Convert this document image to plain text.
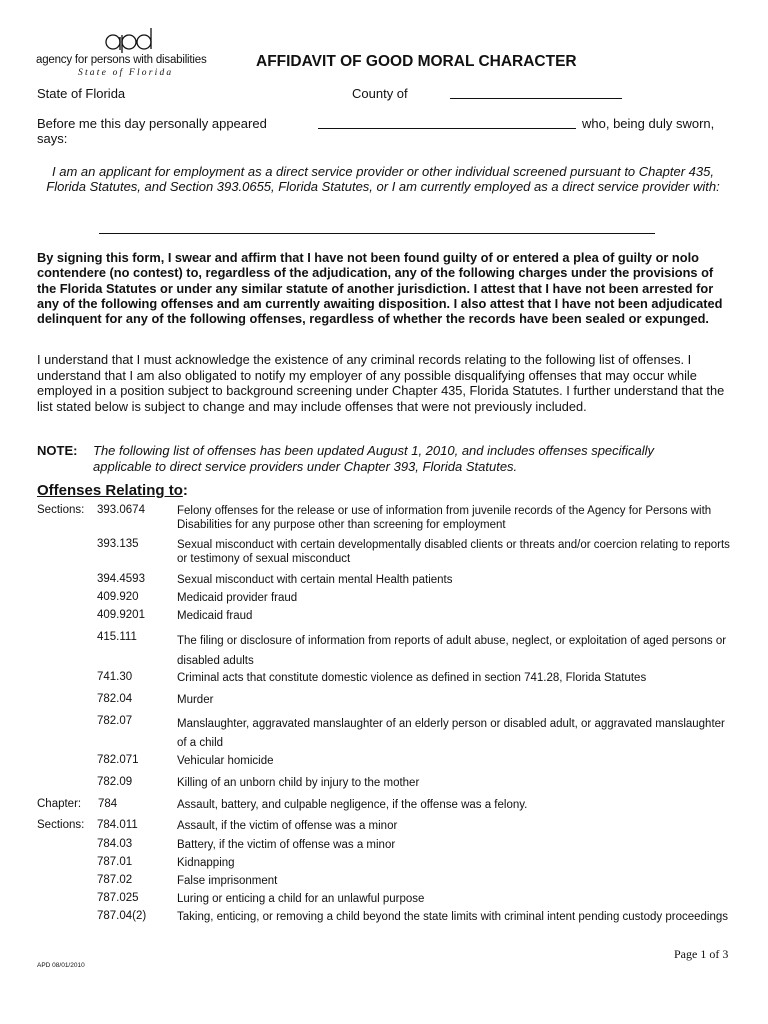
agency for persons with disabilities
State of Florida
AFFIDAVIT OF GOOD MORAL CHARACTER
State of Florida	County of
Before me this day personally appeared	who, being duly sworn,
says:
I am an applicant for employment as a direct service provider or other individual screened pursuant to Chapter 435, Florida Statutes, and Section 393.0655, Florida Statutes, or I am currently employed as a direct service provider with:
By signing this form, I swear and affirm that I have not been found guilty of or entered a plea of guilty or nolo contendere (no contest) to, regardless of the adjudication, any of the following charges under the provisions of the Florida Statutes or under any similar statute of another jurisdiction. I attest that I have not been arrested for any of the following offenses and am currently awaiting disposition. I also attest that I have not been adjudicated delinquent for any of the following offenses, regardless of whether the records have been sealed or expunged.
I understand that I must acknowledge the existence of any criminal records relating to the following list of offenses. I understand that I am also obligated to notify my employer of any possible disqualifying offenses that may occur while employed in a position subject to background screening under Chapter 435, Florida Statutes. I further understand that the list stated below is subject to change and may include offenses that were not previously included.
NOTE: The following list of offenses has been updated August 1, 2010, and includes offenses specifically applicable to direct service providers under Chapter 393, Florida Statutes.
Offenses Relating to:
Sections: 393.0674	Felony offenses for the release or use of information from juvenile records of the Agency for Persons with Disabilities for any purpose other than screening for employment
393.135	Sexual misconduct with certain developmentally disabled clients or threats and/or coercion relating to reports or testimony of sexual misconduct
394.4593	Sexual misconduct with certain mental Health patients
409.920	Medicaid provider fraud
409.9201	Medicaid fraud
415.111	The filing or disclosure of information from reports of adult abuse, neglect, or exploitation of aged persons or disabled adults
741.30	Criminal acts that constitute domestic violence as defined in section 741.28, Florida Statutes
782.04	Murder
782.07	Manslaughter, aggravated manslaughter of an elderly person or disabled adult, or aggravated manslaughter of a child
782.071	Vehicular homicide
782.09	Killing of an unborn child by injury to the mother
Chapter: 784	Assault, battery, and culpable negligence, if the offense was a felony.
Sections: 784.011	Assault, if the victim of offense was a minor
784.03	Battery, if the victim of offense was a minor
787.01	Kidnapping
787.02	False imprisonment
787.025	Luring or enticing a child for an unlawful purpose
787.04(2)	Taking, enticing, or removing a child beyond the state limits with criminal intent pending custody proceedings
APD 08/01/2010
Page 1 of 3
